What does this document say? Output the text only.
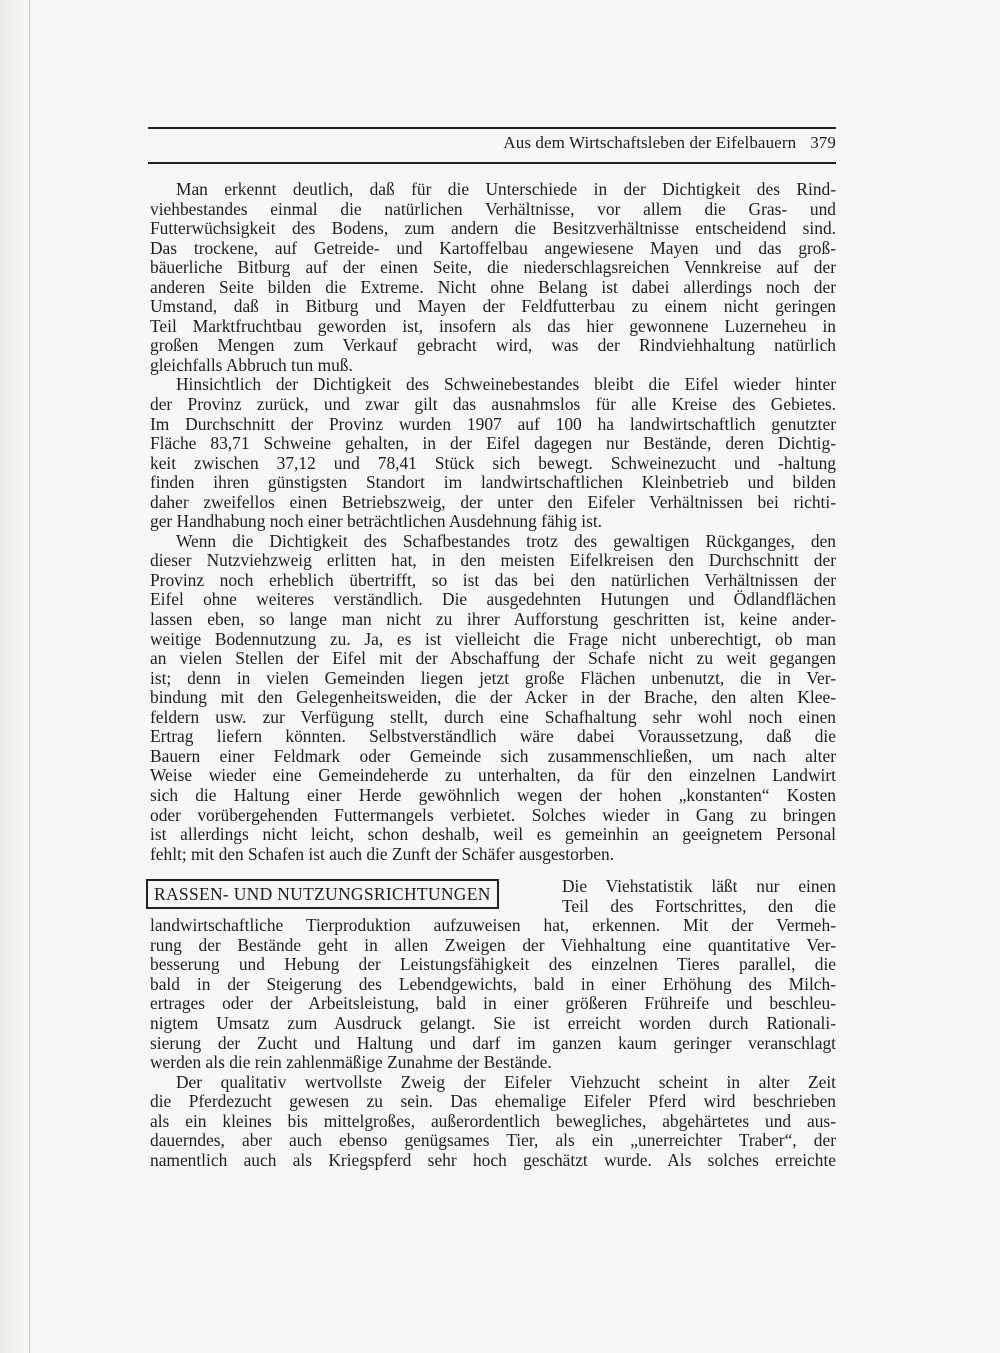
Aus dem Wirtschaftsleben der Eifelbauern 379
Man erkennt deutlich, daß für die Unterschiede in der Dichtigkeit des Rind-
viehbestandes einmal die natürlichen Verhältnisse, vor allem die Gras- und
Futterwüchsigkeit des Bodens, zum andern die Besitzverhältnisse entscheidend sind.
Das trockene, auf Getreide- und Kartoffelbau angewiesene Mayen und das groß-
bäuerliche Bitburg auf der einen Seite, die niederschlagsreichen Vennkreise auf der
anderen Seite bilden die Extreme. Nicht ohne Belang ist dabei allerdings noch der
Umstand, daß in Bitburg und Mayen der Feldfutterbau zu einem nicht geringen
Teil Marktfruchtbau geworden ist, insofern als das hier gewonnene Luzerneheu in
großen Mengen zum Verkauf gebracht wird, was der Rindviehhaltung natürlich
gleichfalls Abbruch tun muß.
Hinsichtlich der Dichtigkeit des Schweinebestandes bleibt die Eifel wieder hinter
der Provinz zurück, und zwar gilt das ausnahmslos für alle Kreise des Gebietes.
Im Durchschnitt der Provinz wurden 1907 auf 100 ha landwirtschaftlich genutzter
Fläche 83,71 Schweine gehalten, in der Eifel dagegen nur Bestände, deren Dichtig-
keit zwischen 37,12 und 78,41 Stück sich bewegt. Schweinezucht und -haltung
finden ihren günstigsten Standort im landwirtschaftlichen Kleinbetrieb und bilden
daher zweifellos einen Betriebszweig, der unter den Eifeler Verhältnissen bei richti-
ger Handhabung noch einer beträchtlichen Ausdehnung fähig ist.
Wenn die Dichtigkeit des Schafbestandes trotz des gewaltigen Rückganges, den
dieser Nutzviehzweig erlitten hat, in den meisten Eifelkreisen den Durchschnitt der
Provinz noch erheblich übertrifft, so ist das bei den natürlichen Verhältnissen der
Eifel ohne weiteres verständlich. Die ausgedehnten Hutungen und Ödlandflächen
lassen eben, so lange man nicht zu ihrer Aufforstung geschritten ist, keine ander-
weitige Bodennutzung zu. Ja, es ist vielleicht die Frage nicht unberechtigt, ob man
an vielen Stellen der Eifel mit der Abschaffung der Schafe nicht zu weit gegangen
ist; denn in vielen Gemeinden liegen jetzt große Flächen unbenutzt, die in Ver-
bindung mit den Gelegenheitsweiden, die der Acker in der Brache, den alten Klee-
feldern usw. zur Verfügung stellt, durch eine Schafhaltung sehr wohl noch einen
Ertrag liefern könnten. Selbstverständlich wäre dabei Voraussetzung, daß die
Bauern einer Feldmark oder Gemeinde sich zusammenschließen, um nach alter
Weise wieder eine Gemeindeherde zu unterhalten, da für den einzelnen Landwirt
sich die Haltung einer Herde gewöhnlich wegen der hohen „konstanten“ Kosten
oder vorübergehenden Futtermangels verbietet. Solches wieder in Gang zu bringen
ist allerdings nicht leicht, schon deshalb, weil es gemeinhin an geeignetem Personal
fehlt; mit den Schafen ist auch die Zunft der Schäfer ausgestorben.
RASSEN- UND NUTZUNGSRICHTUNGEN	Die Viehstatistik läßt nur einen
Teil des Fortschrittes, den die
landwirtschaftliche Tierproduktion aufzuweisen hat, erkennen. Mit der Vermeh-
rung der Bestände geht in allen Zweigen der Viehhaltung eine quantitative Ver-
besserung und Hebung der Leistungsfähigkeit des einzelnen Tieres parallel, die
bald in der Steigerung des Lebendgewichts, bald in einer Erhöhung des Milch-
ertrages oder der Arbeitsleistung, bald in einer größeren Frühreife und beschleu-
nigtem Umsatz zum Ausdruck gelangt. Sie ist erreicht worden durch Rationali-
sierung der Zucht und Haltung und darf im ganzen kaum geringer veranschlagt
werden als die rein zahlenmäßige Zunahme der Bestände.
Der qualitativ wertvollste Zweig der Eifeler Viehzucht scheint in alter Zeit
die Pferdezucht gewesen zu sein. Das ehemalige Eifeler Pferd wird beschrieben
als ein kleines bis mittelgroßes, außerordentlich bewegliches, abgehärtetes und aus-
dauerndes, aber auch ebenso genügsames Tier, als ein „unerreichter Traber“, der
namentlich auch als Kriegspferd sehr hoch geschätzt wurde. Als solches erreichte
